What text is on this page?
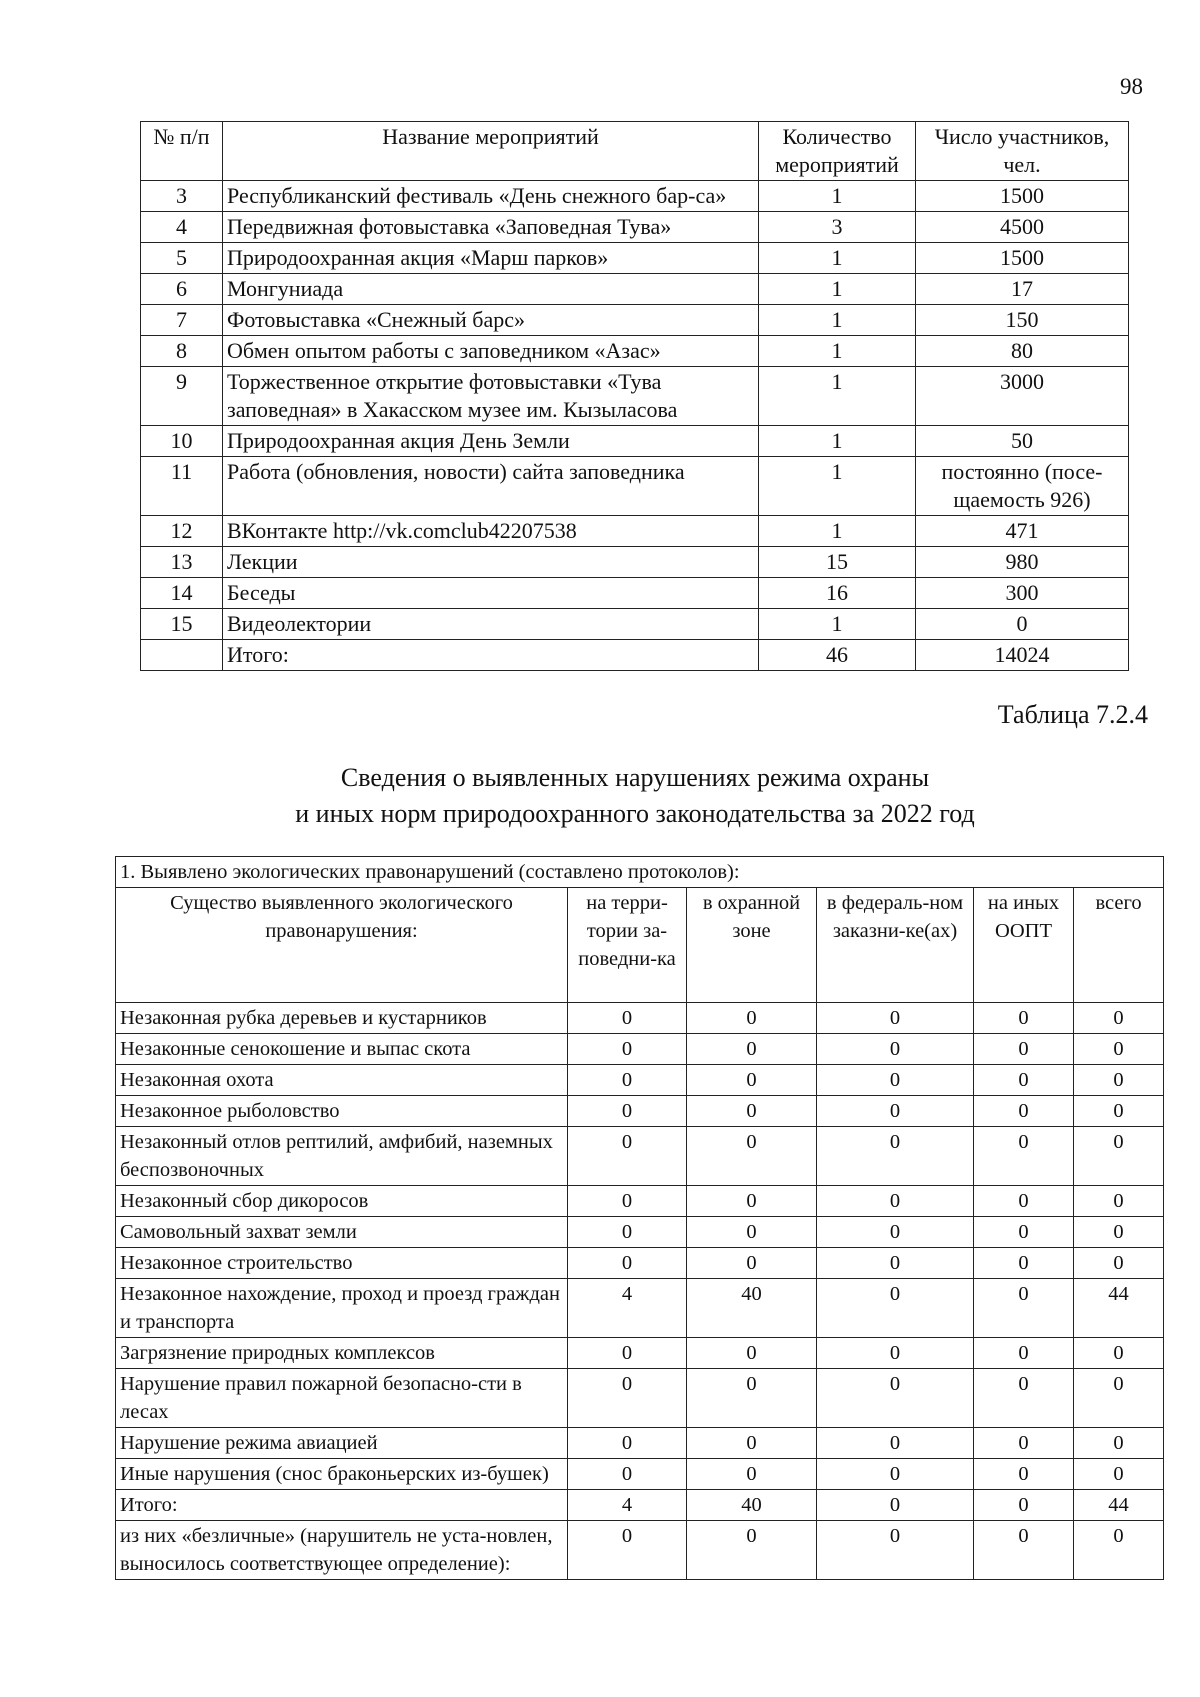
98
№ п/п	Название мероприятий	Количество мероприятий	Число участников, чел.
3	Республиканский фестиваль «День снежного бар-са»	1	1500
4	Передвижная фотовыставка «Заповедная Тува»	3	4500
5	Природоохранная акция «Марш парков»	1	1500
6	Монгуниада	1	17
7	Фотовыставка «Снежный барс»	1	150
8	Обмен опытом работы с заповедником «Азас»	1	80
9	Торжественное открытие фотовыставки «Тува заповедная» в Хакасском музее им. Кызыласова	1	3000
10	Природоохранная акция День Земли	1	50
11	Работа (обновления, новости) сайта заповедника	1	постоянно (посе-щаемость 926)
12	ВКонтакте http://vk.comclub42207538	1	471
13	Лекции	15	980
14	Беседы	16	300
15	Видеолектории	1	0
	Итого:	46	14024
Таблица 7.2.4
Сведения о выявленных нарушениях режима охраны
и иных норм природоохранного законодательства за 2022 год
1. Выявлено экологических правонарушений (составлено протоколов):					
Существо выявленного экологического правонарушения:	на терри-тории за-поведни-ка	в охранной зоне	в федераль-ном заказни-ке(ах)	на иных ООПТ	всего
Незаконная рубка деревьев и кустарников	0	0	0	0	0
Незаконные сенокошение и выпас скота	0	0	0	0	0
Незаконная охота	0	0	0	0	0
Незаконное рыболовство	0	0	0	0	0
Незаконный отлов рептилий, амфибий, наземных беспозвоночных	0	0	0	0	0
Незаконный сбор дикоросов	0	0	0	0	0
Самовольный захват земли	0	0	0	0	0
Незаконное строительство	0	0	0	0	0
Незаконное нахождение, проход и проезд граждан и транспорта	4	40	0	0	44
Загрязнение природных комплексов	0	0	0	0	0
Нарушение правил пожарной безопасно-сти в лесах	0	0	0	0	0
Нарушение режима авиацией	0	0	0	0	0
Иные нарушения (снос браконьерских из-бушек)	0	0	0	0	0
Итого:	4	40	0	0	44
из них «безличные» (нарушитель не уста-новлен, выносилось соответствующее определение):	0	0	0	0	0
